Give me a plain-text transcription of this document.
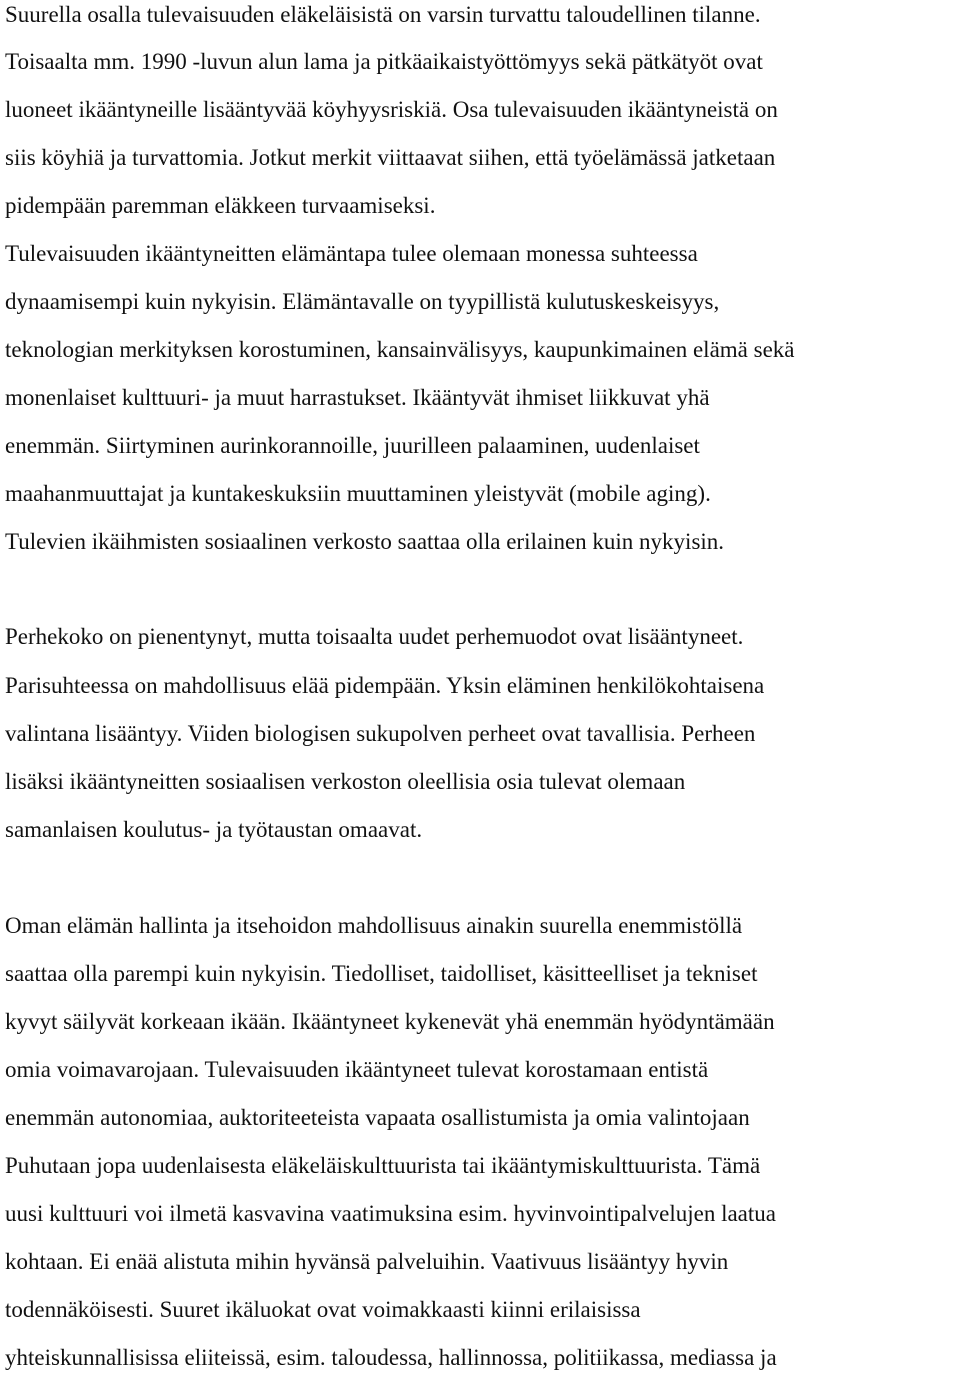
Suurella osalla tulevaisuuden eläkeläisistä on varsin turvattu taloudellinen tilanne.
Toisaalta mm. 1990 -luvun alun lama ja pitkäaikaistyöttömyys sekä pätkätyöt ovat
luoneet ikääntyneille lisääntyvää köyhyysriskiä. Osa tulevaisuuden ikääntyneistä on
siis köyhiä ja turvattomia. Jotkut merkit viittaavat siihen, että työelämässä jatketaan
pidempään paremman eläkkeen turvaamiseksi.
Tulevaisuuden ikääntyneitten elämäntapa tulee olemaan monessa suhteessa
dynaamisempi kuin nykyisin. Elämäntavalle on tyypillistä kulutuskeskeisyys,
teknologian merkityksen korostuminen, kansainvälisyys, kaupunkimainen elämä sekä
monenlaiset kulttuuri- ja muut harrastukset. Ikääntyvät ihmiset liikkuvat yhä
enemmän. Siirtyminen aurinkorannoille, juurilleen palaaminen, uudenlaiset
maahanmuuttajat ja kuntakeskuksiin muuttaminen yleistyvät (mobile aging).
Tulevien ikäihmisten sosiaalinen verkosto saattaa olla erilainen kuin nykyisin.
Perhekoko on pienentynyt, mutta toisaalta uudet perhemuodot ovat lisääntyneet.
Parisuhteessa on mahdollisuus elää pidempään. Yksin eläminen henkilökohtaisena
valintana lisääntyy. Viiden biologisen sukupolven perheet ovat tavallisia. Perheen
lisäksi ikääntyneitten sosiaalisen verkoston oleellisia osia tulevat olemaan
samanlaisen koulutus- ja työtaustan omaavat.
Oman elämän hallinta ja itsehoidon mahdollisuus ainakin suurella enemmistöllä
saattaa olla parempi kuin nykyisin. Tiedolliset, taidolliset, käsitteelliset ja tekniset
kyvyt säilyvät korkeaan ikään. Ikääntyneet kykenevät yhä enemmän hyödyntämään
omia voimavarojaan. Tulevaisuuden ikääntyneet tulevat korostamaan entistä
enemmän autonomiaa, auktoriteeteista vapaata osallistumista ja omia valintojaan
Puhutaan jopa uudenlaisesta eläkeläiskulttuurista tai ikääntymiskulttuurista. Tämä
uusi kulttuuri voi ilmetä kasvavina vaatimuksina esim. hyvinvointipalvelujen laatua
kohtaan. Ei enää alistuta mihin hyvänsä palveluihin. Vaativuus lisääntyy hyvin
todennäköisesti. Suuret ikäluokat ovat voimakkaasti kiinni erilaisissa
yhteiskunnallisissa eliiteissä, esim. taloudessa, hallinnossa, politiikassa, mediassa ja
